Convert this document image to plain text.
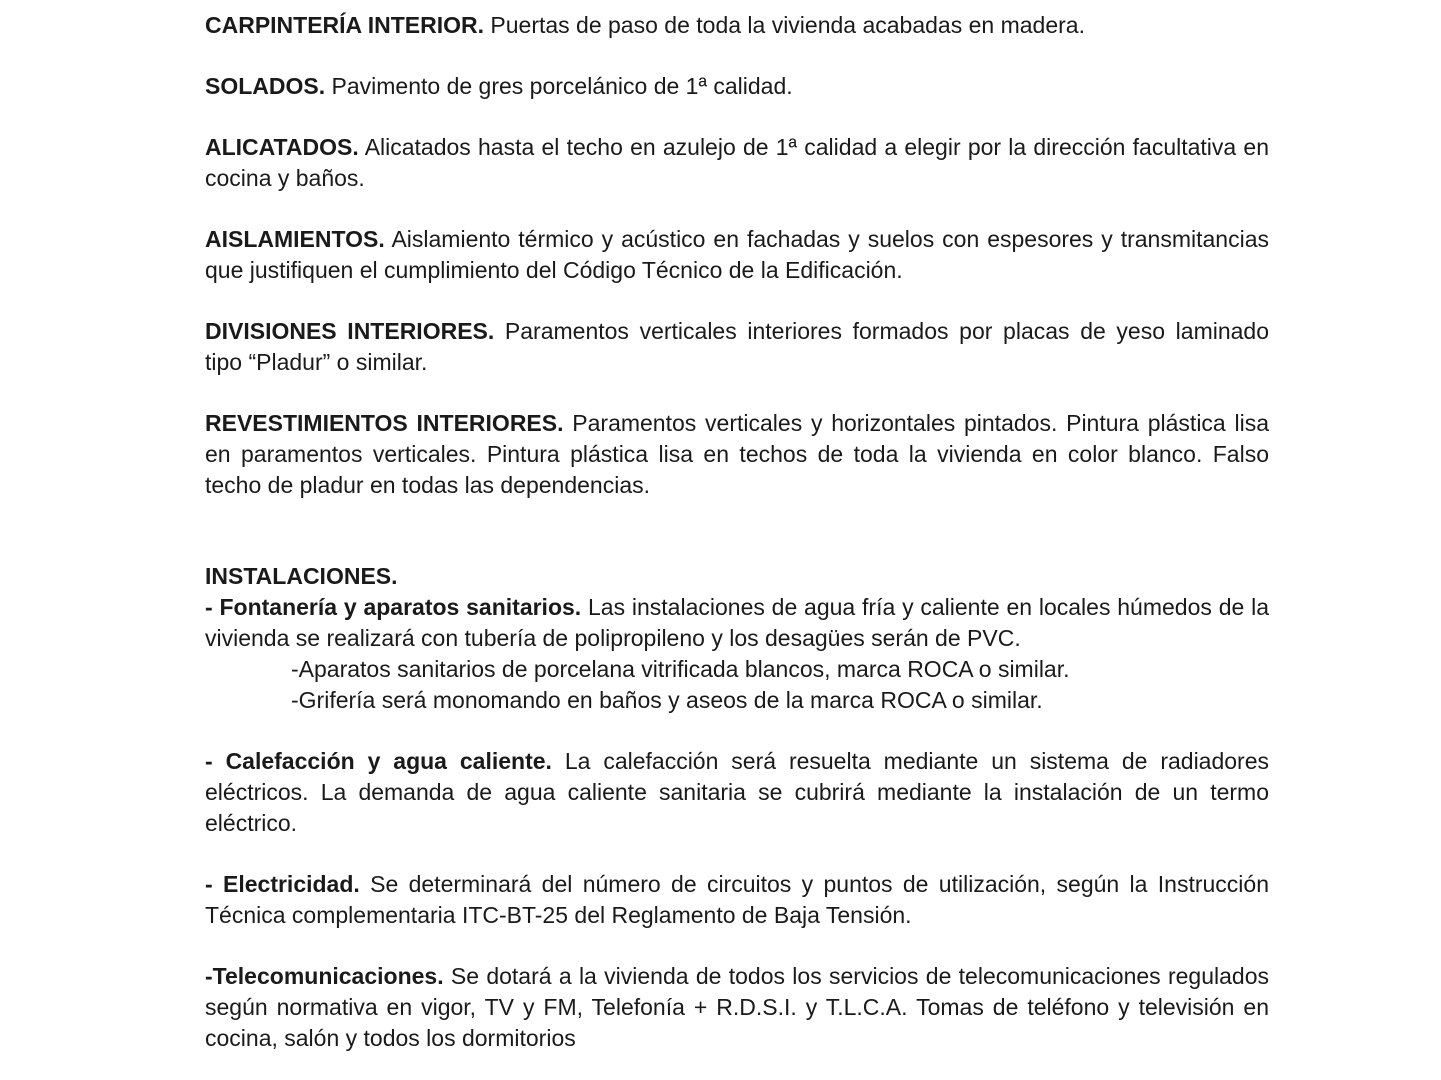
CARPINTERÍA INTERIOR. Puertas de paso de toda la vivienda acabadas en madera.

SOLADOS. Pavimento de gres porcelánico de 1ª calidad.

ALICATADOS. Alicatados hasta el techo en azulejo de 1ª calidad a elegir por la dirección facultativa en cocina y baños.

AISLAMIENTOS. Aislamiento térmico y acústico en fachadas y suelos con espesores y transmitancias que justifiquen el cumplimiento del Código Técnico de la Edificación.

DIVISIONES INTERIORES. Paramentos verticales interiores formados por placas de yeso laminado tipo “Pladur” o similar.

REVESTIMIENTOS INTERIORES. Paramentos verticales y horizontales pintados. Pintura plástica lisa en paramentos verticales. Pintura plástica lisa en techos de toda la vivienda en color blanco. Falso techo de pladur en todas las dependencias.

INSTALACIONES.

- Fontanería y aparatos sanitarios. Las instalaciones de agua fría y caliente en locales húmedos de la vivienda se realizará con tubería de polipropileno y los desagües serán de PVC.

-Aparatos sanitarios de porcelana vitrificada blancos, marca ROCA o similar.

-Grifería será monomando en baños y aseos de la marca ROCA o similar.

- Calefacción y agua caliente. La calefacción será resuelta mediante un sistema de radiadores eléctricos. La demanda de agua caliente sanitaria se cubrirá mediante la instalación de un termo eléctrico.

- Electricidad. Se determinará del número de circuitos y puntos de utilización, según la Instrucción Técnica complementaria ITC-BT-25 del Reglamento de Baja Tensión.

-Telecomunicaciones. Se dotará a la vivienda de todos los servicios de telecomunicaciones regulados según normativa en vigor, TV y FM, Telefonía + R.D.S.I. y T.L.C.A. Tomas de teléfono y televisión en cocina, salón y todos los dormitorios
